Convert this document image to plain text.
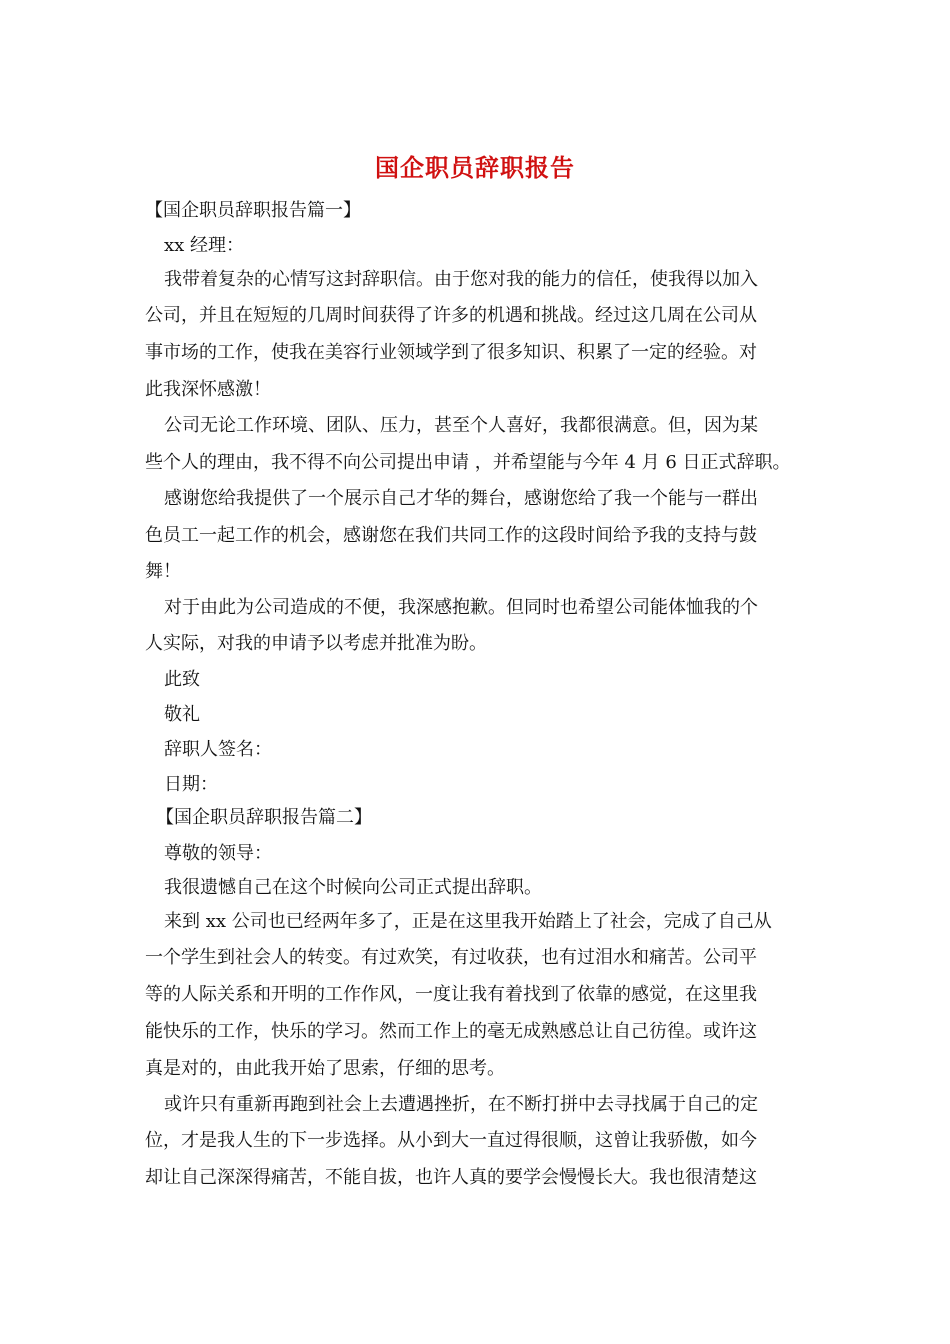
国企职员辞职报告
【国企职员辞职报告篇一】
xx 经理：
我带着复杂的心情写这封辞职信。由于您对我的能力的信任，使我得以加入
公司，并且在短短的几周时间获得了许多的机遇和挑战。经过这几周在公司从
事市场的工作，使我在美容行业领域学到了很多知识、积累了一定的经验。对
此我深怀感激！
公司无论工作环境、团队、压力，甚至个人喜好，我都很满意。但，因为某
些个人的理由，我不得不向公司提出申请 ，并希望能与今年 4 月 6 日正式辞职。
感谢您给我提供了一个展示自己才华的舞台，感谢您给了我一个能与一群出
色员工一起工作的机会，感谢您在我们共同工作的这段时间给予我的支持与鼓
舞！
对于由此为公司造成的不便，我深感抱歉。但同时也希望公司能体恤我的个
人实际，对我的申请予以考虑并批准为盼。
此致
敬礼
辞职人签名：
日期：
【国企职员辞职报告篇二】
尊敬的领导：
我很遗憾自己在这个时候向公司正式提出辞职。
来到 xx 公司也已经两年多了，正是在这里我开始踏上了社会，完成了自己从
一个学生到社会人的转变。有过欢笑，有过收获，也有过泪水和痛苦。公司平
等的人际关系和开明的工作作风，一度让我有着找到了依靠的感觉，在这里我
能快乐的工作，快乐的学习。然而工作上的毫无成熟感总让自己彷徨。或许这
真是对的，由此我开始了思索，仔细的思考。
或许只有重新再跑到社会上去遭遇挫折，在不断打拼中去寻找属于自己的定
位，才是我人生的下一步选择。从小到大一直过得很顺，这曾让我骄傲，如今
却让自己深深得痛苦，不能自拔，也许人真的要学会慢慢长大。我也很清楚这
